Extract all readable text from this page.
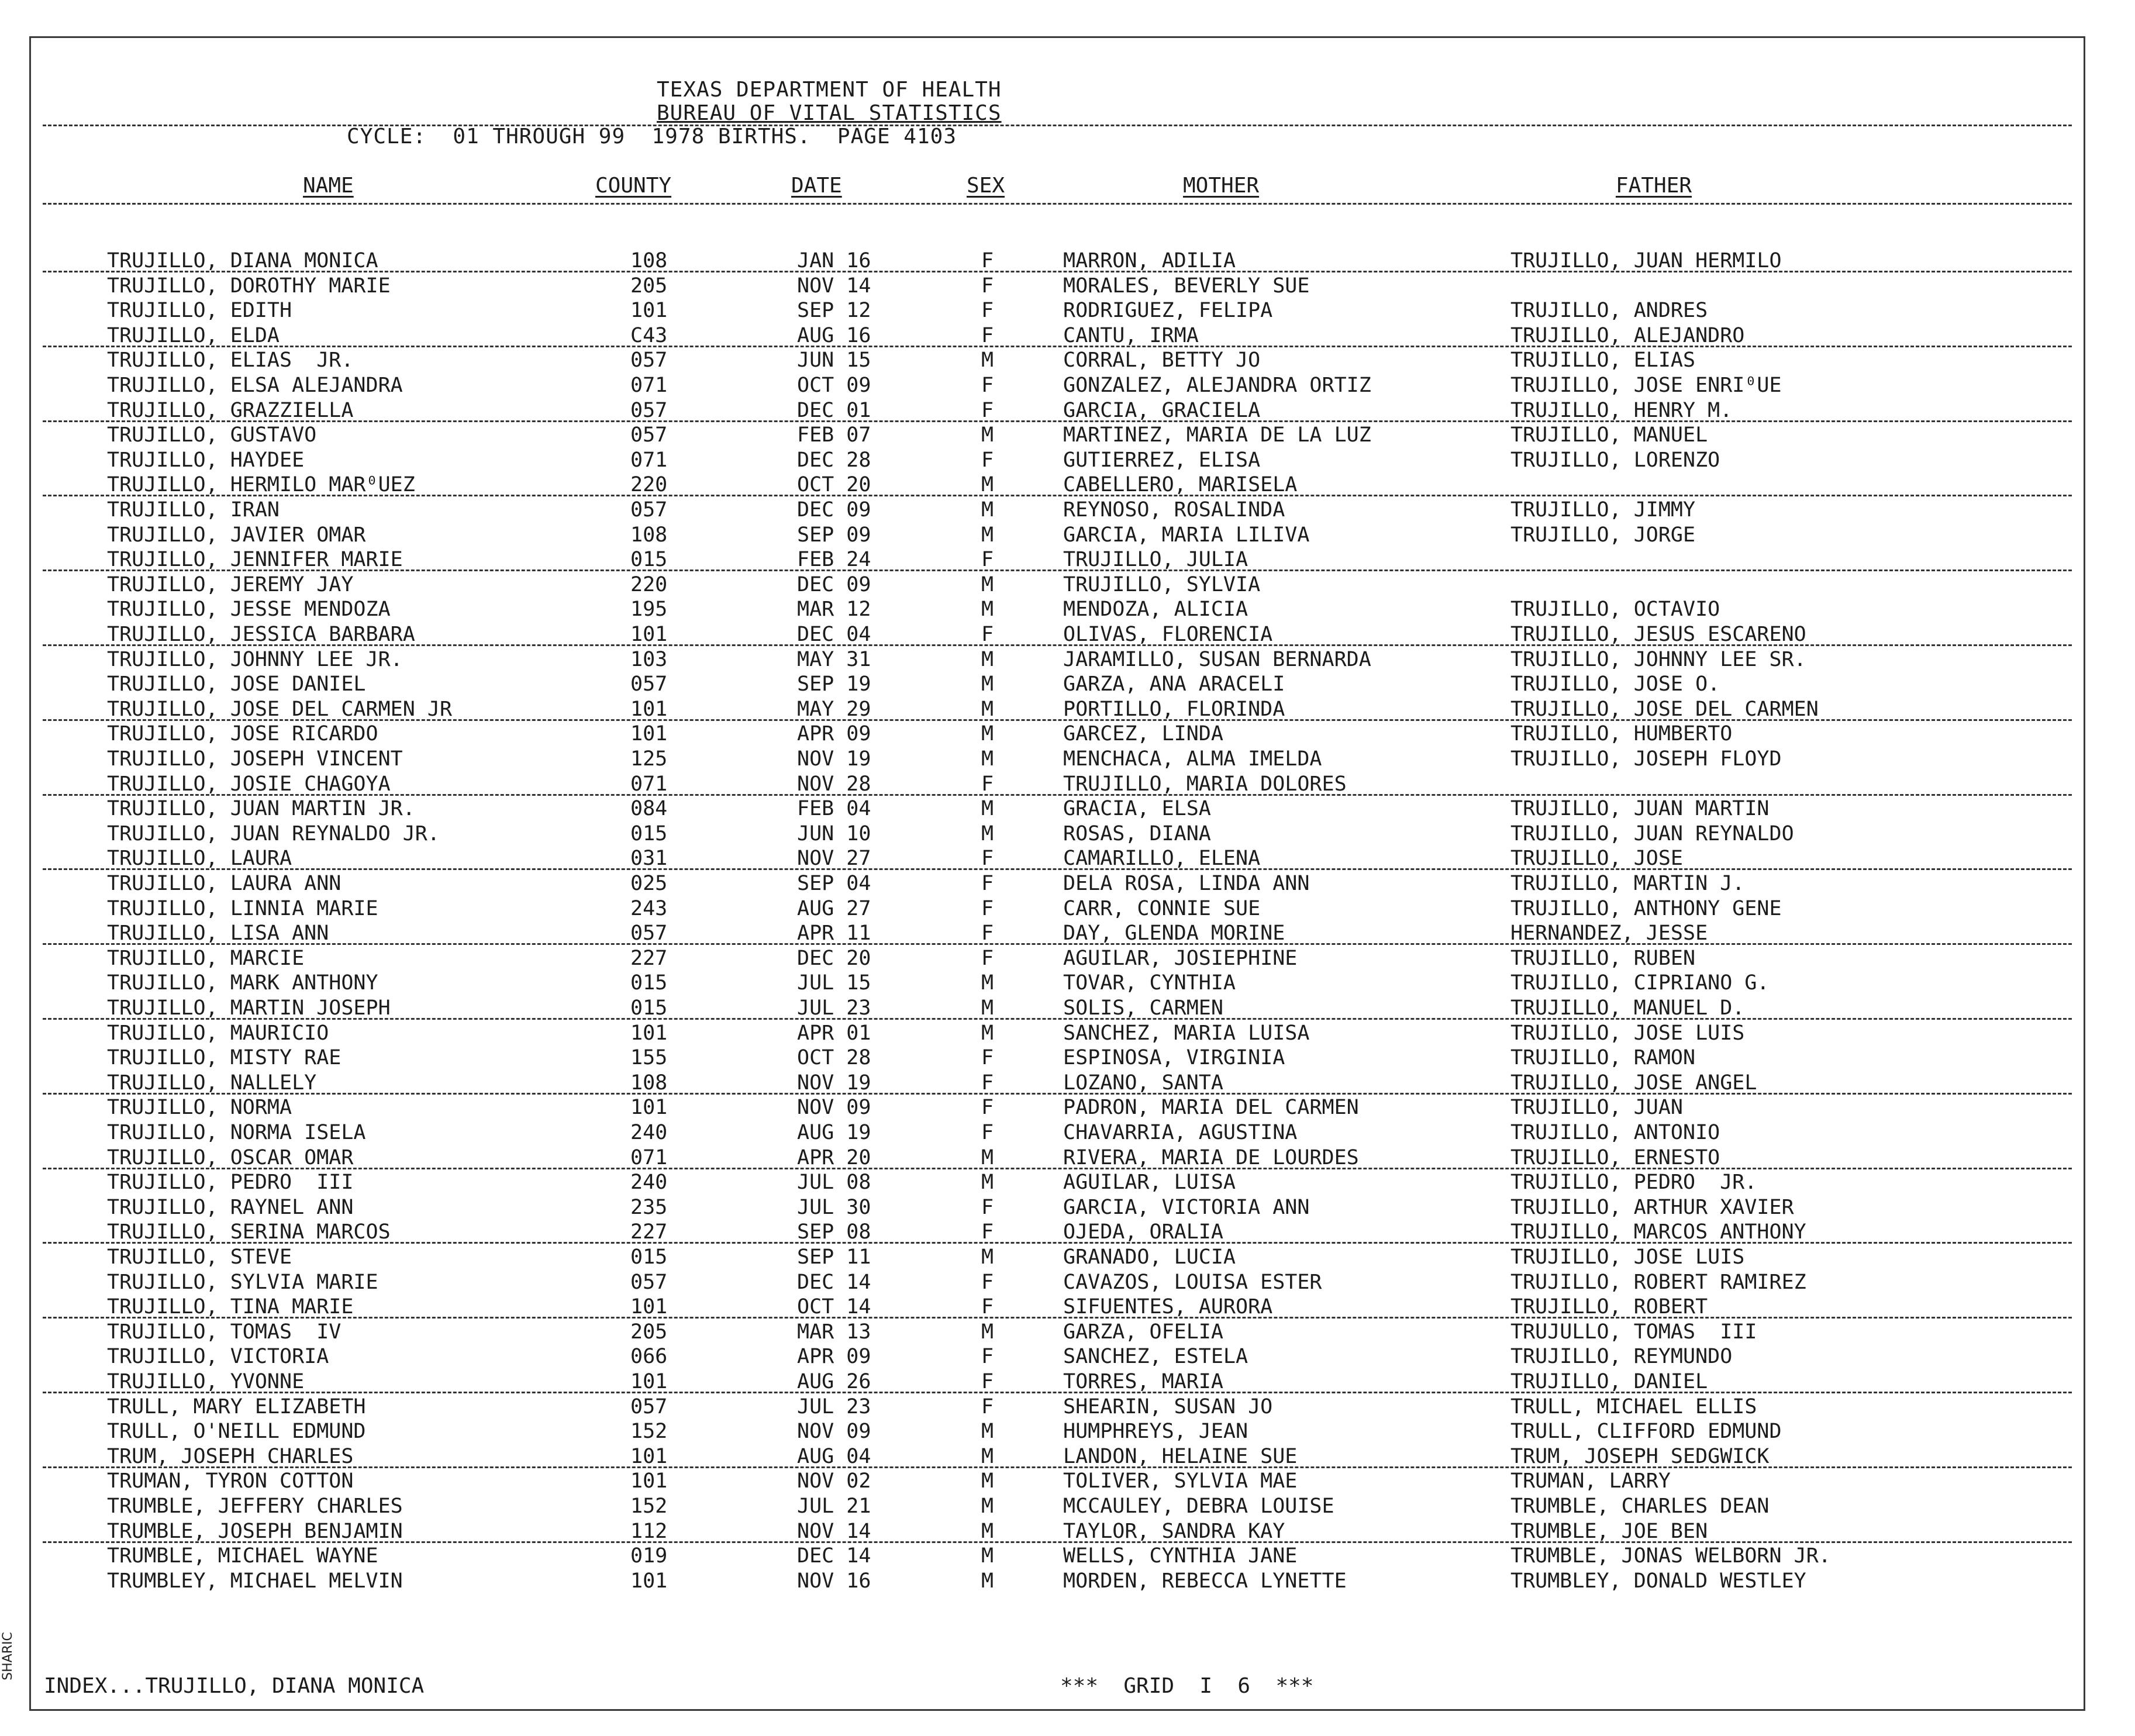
TEXAS DEPARTMENT OF HEALTH
BUREAU OF VITAL STATISTICS
CYCLE:  01 THROUGH 99  1978 BIRTHS.  PAGE 4103
NAME	COUNTY	DATE	SEX	MOTHER	FATHER
TRUJILLO, DIANA MONICA	108	JAN 16	F	MARRON, ADILIA	TRUJILLO, JUAN HERMILO
TRUJILLO, DOROTHY MARIE	205	NOV 14	F	MORALES, BEVERLY SUE
TRUJILLO, EDITH	101	SEP 12	F	RODRIGUEZ, FELIPA	TRUJILLO, ANDRES
TRUJILLO, ELDA	C43	AUG 16	F	CANTU, IRMA	TRUJILLO, ALEJANDRO
TRUJILLO, ELIAS  JR.	057	JUN 15	M	CORRAL, BETTY JO	TRUJILLO, ELIAS
TRUJILLO, ELSA ALEJANDRA	071	OCT 09	F	GONZALEZ, ALEJANDRA ORTIZ	TRUJILLO, JOSE ENRI⁰UE
TRUJILLO, GRAZZIELLA	057	DEC 01	F	GARCIA, GRACIELA	TRUJILLO, HENRY M.
TRUJILLO, GUSTAVO	057	FEB 07	M	MARTINEZ, MARIA DE LA LUZ	TRUJILLO, MANUEL
TRUJILLO, HAYDEE	071	DEC 28	F	GUTIERREZ, ELISA	TRUJILLO, LORENZO
TRUJILLO, HERMILO MAR⁰UEZ	220	OCT 20	M	CABELLERO, MARISELA
TRUJILLO, IRAN	057	DEC 09	M	REYNOSO, ROSALINDA	TRUJILLO, JIMMY
TRUJILLO, JAVIER OMAR	108	SEP 09	M	GARCIA, MARIA LILIVA	TRUJILLO, JORGE
TRUJILLO, JENNIFER MARIE	015	FEB 24	F	TRUJILLO, JULIA
TRUJILLO, JEREMY JAY	220	DEC 09	M	TRUJILLO, SYLVIA
TRUJILLO, JESSE MENDOZA	195	MAR 12	M	MENDOZA, ALICIA	TRUJILLO, OCTAVIO
TRUJILLO, JESSICA BARBARA	101	DEC 04	F	OLIVAS, FLORENCIA	TRUJILLO, JESUS ESCARENO
TRUJILLO, JOHNNY LEE JR.	103	MAY 31	M	JARAMILLO, SUSAN BERNARDA	TRUJILLO, JOHNNY LEE SR.
TRUJILLO, JOSE DANIEL	057	SEP 19	M	GARZA, ANA ARACELI	TRUJILLO, JOSE O.
TRUJILLO, JOSE DEL CARMEN JR	101	MAY 29	M	PORTILLO, FLORINDA	TRUJILLO, JOSE DEL CARMEN
TRUJILLO, JOSE RICARDO	101	APR 09	M	GARCEZ, LINDA	TRUJILLO, HUMBERTO
TRUJILLO, JOSEPH VINCENT	125	NOV 19	M	MENCHACA, ALMA IMELDA	TRUJILLO, JOSEPH FLOYD
TRUJILLO, JOSIE CHAGOYA	071	NOV 28	F	TRUJILLO, MARIA DOLORES
TRUJILLO, JUAN MARTIN JR.	084	FEB 04	M	GRACIA, ELSA	TRUJILLO, JUAN MARTIN
TRUJILLO, JUAN REYNALDO JR.	015	JUN 10	M	ROSAS, DIANA	TRUJILLO, JUAN REYNALDO
TRUJILLO, LAURA	031	NOV 27	F	CAMARILLO, ELENA	TRUJILLO, JOSE
TRUJILLO, LAURA ANN	025	SEP 04	F	DELA ROSA, LINDA ANN	TRUJILLO, MARTIN J.
TRUJILLO, LINNIA MARIE	243	AUG 27	F	CARR, CONNIE SUE	TRUJILLO, ANTHONY GENE
TRUJILLO, LISA ANN	057	APR 11	F	DAY, GLENDA MORINE	HERNANDEZ, JESSE
TRUJILLO, MARCIE	227	DEC 20	F	AGUILAR, JOSIEPHINE	TRUJILLO, RUBEN
TRUJILLO, MARK ANTHONY	015	JUL 15	M	TOVAR, CYNTHIA	TRUJILLO, CIPRIANO G.
TRUJILLO, MARTIN JOSEPH	015	JUL 23	M	SOLIS, CARMEN	TRUJILLO, MANUEL D.
TRUJILLO, MAURICIO	101	APR 01	M	SANCHEZ, MARIA LUISA	TRUJILLO, JOSE LUIS
TRUJILLO, MISTY RAE	155	OCT 28	F	ESPINOSA, VIRGINIA	TRUJILLO, RAMON
TRUJILLO, NALLELY	108	NOV 19	F	LOZANO, SANTA	TRUJILLO, JOSE ANGEL
TRUJILLO, NORMA	101	NOV 09	F	PADRON, MARIA DEL CARMEN	TRUJILLO, JUAN
TRUJILLO, NORMA ISELA	240	AUG 19	F	CHAVARRIA, AGUSTINA	TRUJILLO, ANTONIO
TRUJILLO, OSCAR OMAR	071	APR 20	M	RIVERA, MARIA DE LOURDES	TRUJILLO, ERNESTO
TRUJILLO, PEDRO  III	240	JUL 08	M	AGUILAR, LUISA	TRUJILLO, PEDRO  JR.
TRUJILLO, RAYNEL ANN	235	JUL 30	F	GARCIA, VICTORIA ANN	TRUJILLO, ARTHUR XAVIER
TRUJILLO, SERINA MARCOS	227	SEP 08	F	OJEDA, ORALIA	TRUJILLO, MARCOS ANTHONY
TRUJILLO, STEVE	015	SEP 11	M	GRANADO, LUCIA	TRUJILLO, JOSE LUIS
TRUJILLO, SYLVIA MARIE	057	DEC 14	F	CAVAZOS, LOUISA ESTER	TRUJILLO, ROBERT RAMIREZ
TRUJILLO, TINA MARIE	101	OCT 14	F	SIFUENTES, AURORA	TRUJILLO, ROBERT
TRUJILLO, TOMAS  IV	205	MAR 13	M	GARZA, OFELIA	TRUJULLO, TOMAS  III
TRUJILLO, VICTORIA	066	APR 09	F	SANCHEZ, ESTELA	TRUJILLO, REYMUNDO
TRUJILLO, YVONNE	101	AUG 26	F	TORRES, MARIA	TRUJILLO, DANIEL
TRULL, MARY ELIZABETH	057	JUL 23	F	SHEARIN, SUSAN JO	TRULL, MICHAEL ELLIS
TRULL, O'NEILL EDMUND	152	NOV 09	M	HUMPHREYS, JEAN	TRULL, CLIFFORD EDMUND
TRUM, JOSEPH CHARLES	101	AUG 04	M	LANDON, HELAINE SUE	TRUM, JOSEPH SEDGWICK
TRUMAN, TYRON COTTON	101	NOV 02	M	TOLIVER, SYLVIA MAE	TRUMAN, LARRY
TRUMBLE, JEFFERY CHARLES	152	JUL 21	M	MCCAULEY, DEBRA LOUISE	TRUMBLE, CHARLES DEAN
TRUMBLE, JOSEPH BENJAMIN	112	NOV 14	M	TAYLOR, SANDRA KAY	TRUMBLE, JOE BEN
TRUMBLE, MICHAEL WAYNE	019	DEC 14	M	WELLS, CYNTHIA JANE	TRUMBLE, JONAS WELBORN JR.
TRUMBLEY, MICHAEL MELVIN	101	NOV 16	M	MORDEN, REBECCA LYNETTE	TRUMBLEY, DONALD WESTLEY
INDEX...TRUJILLO, DIANA MONICA	***  GRID  I  6  ***
SHARIC
